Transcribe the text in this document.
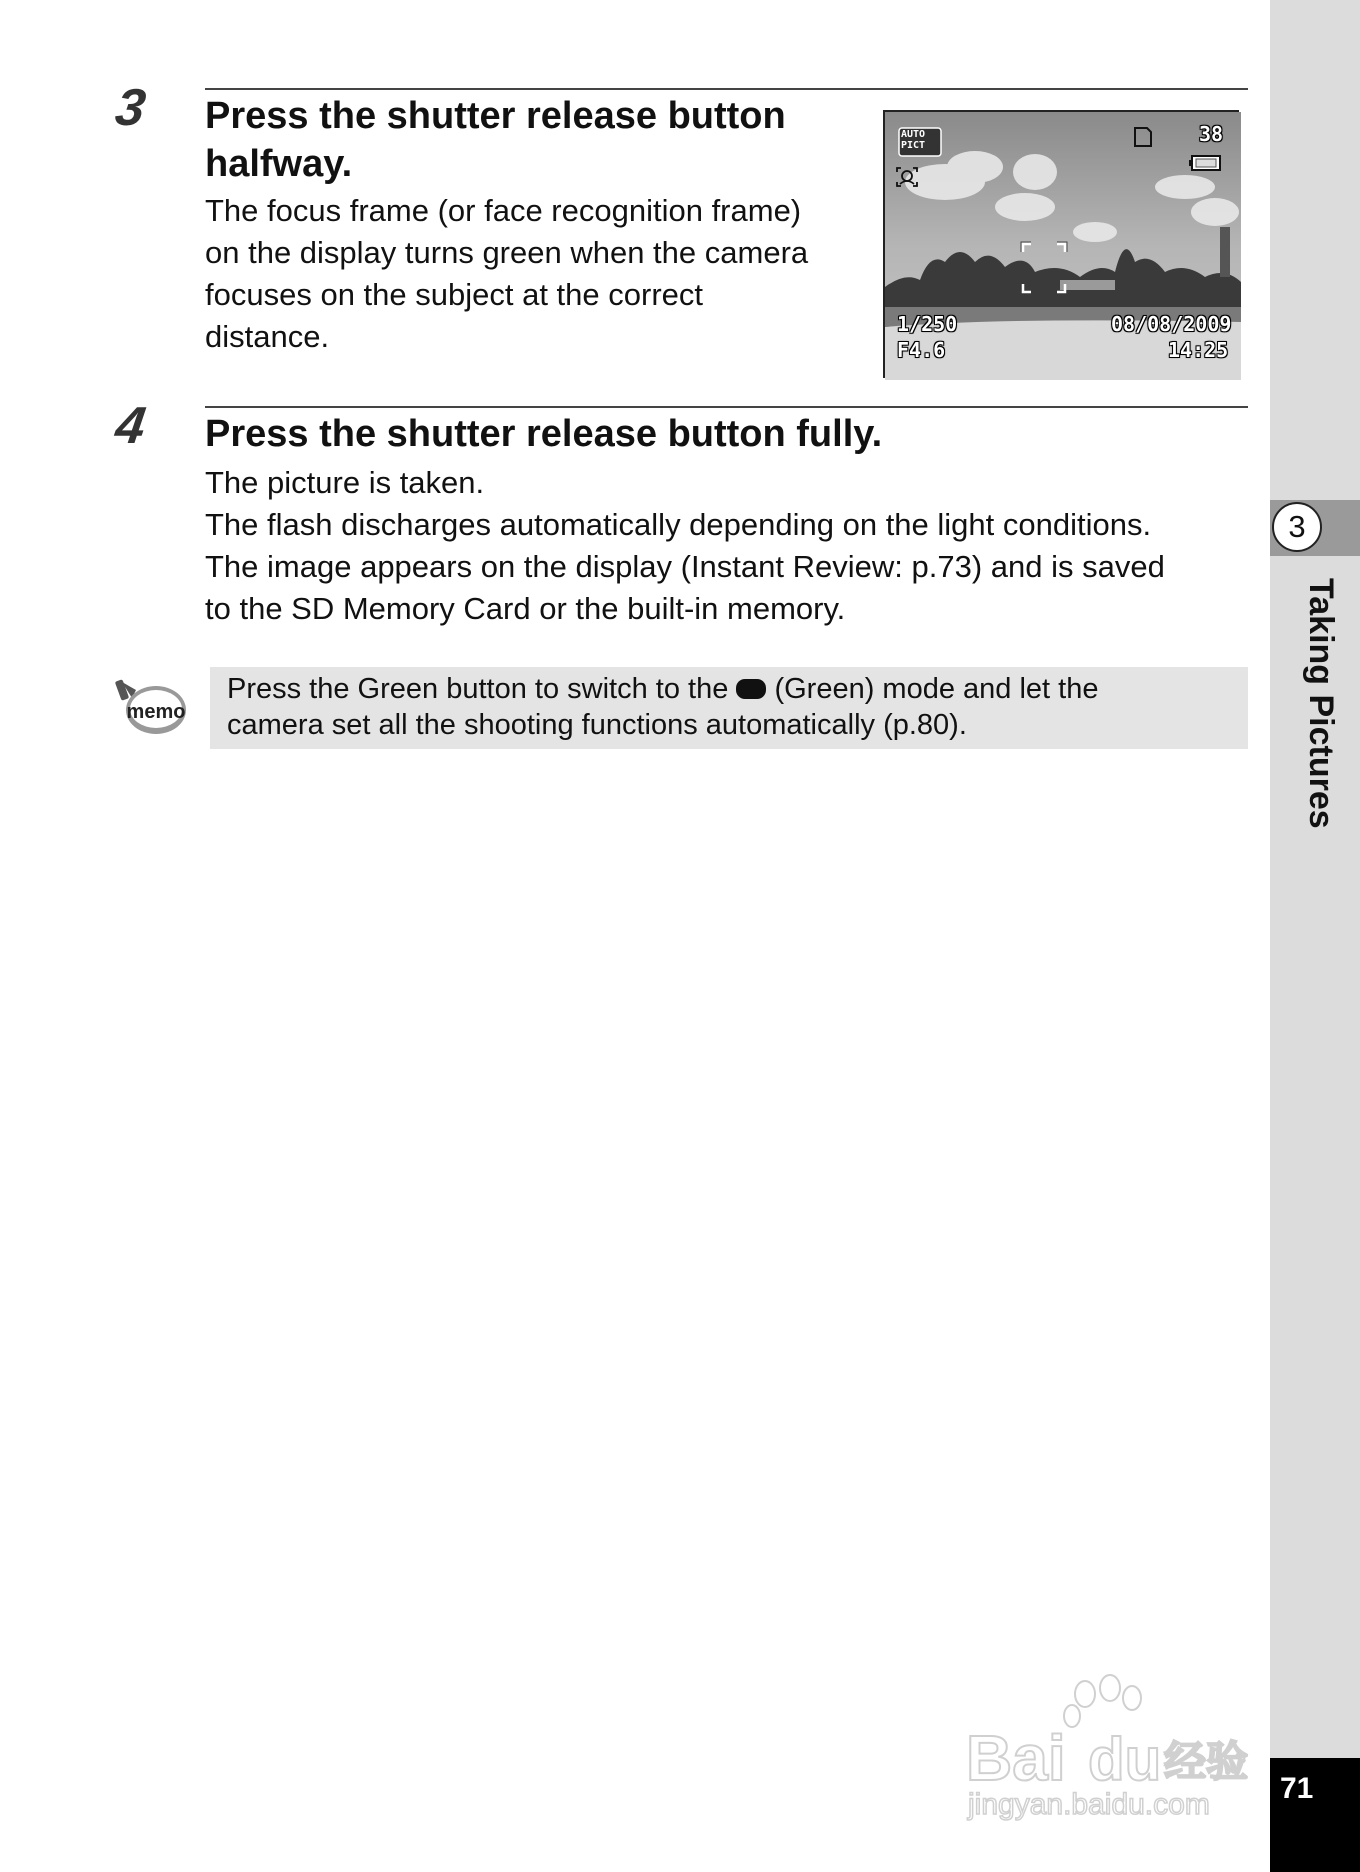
3
Taking Pictures
71
3 Press the shutter release button
halfway.

The focus frame (or face recognition frame)

on the display turns green when the camera

focuses on the subject at the correct

distance.

AUTO
PICT	38
1/250
F4.6
08/08/2009
14:25
4 Press the shutter release button fully.

The picture is taken.

The flash discharges automatically depending on the light conditions.

The image appears on the display (Instant Review: p.73) and is saved

to the SD Memory Card or the built-in memory.

memo

Press the Green button to switch to the  (Green) mode and let the
camera set all the shooting functions automatically (p.80).

Bai du 经验
jingyan.baidu.com
